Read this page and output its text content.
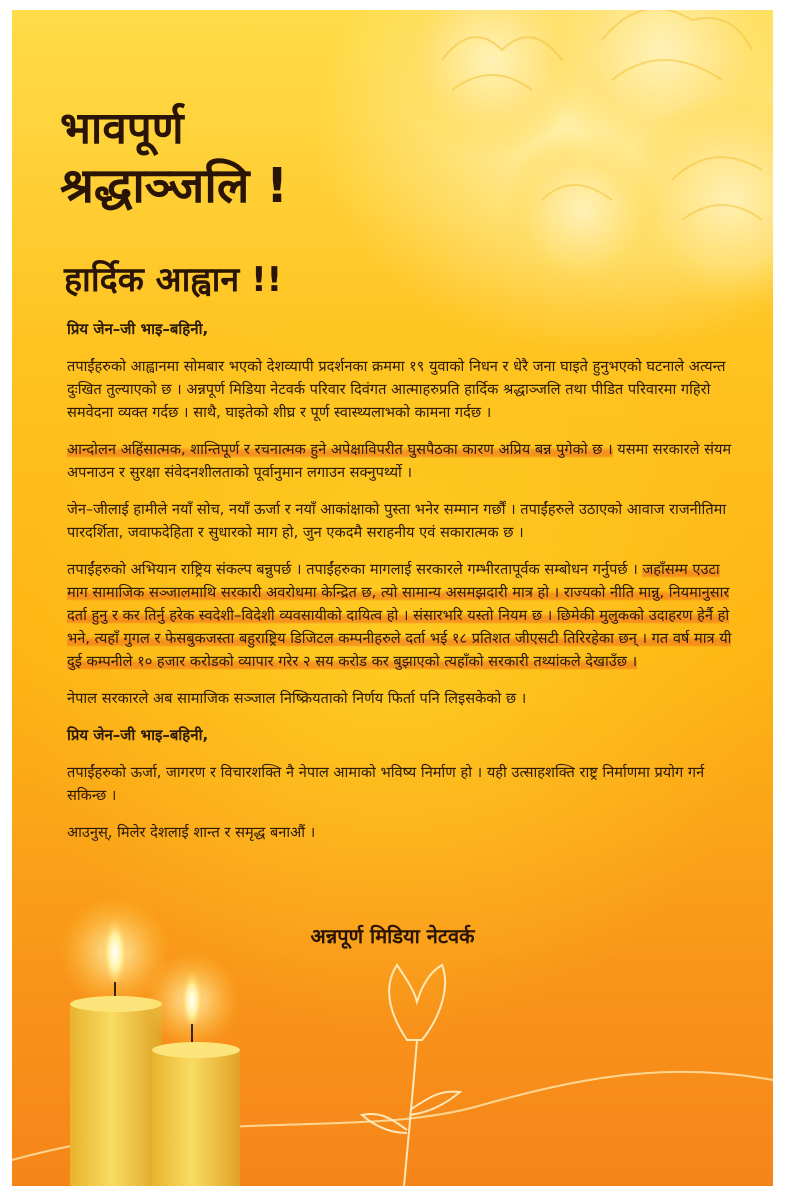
भावपूर्ण
श्रद्धाञ्जलि !
हार्दिक आह्वान !!

प्रिय जेन–जी भाइ–बहिनी,

तपाईंहरुको आह्वानमा सोमबार भएको देशव्यापी प्रदर्शनका क्रममा १९ युवाको निधन र धेरै जना घाइते हुनुभएको घटनाले अत्यन्त दुःखित तुल्याएको छ । अन्नपूर्ण मिडिया नेटवर्क परिवार दिवंगत आत्माहरुप्रति हार्दिक श्रद्धाञ्जलि तथा पीडित परिवारमा गहिरो समवेदना व्यक्त गर्दछ । साथै, घाइतेको शीघ्र र पूर्ण स्वास्थ्यलाभको कामना गर्दछ ।

आन्दोलन अहिंसात्मक, शान्तिपूर्ण र रचनात्मक हुने अपेक्षाविपरीत घुसपैठका कारण अप्रिय बन्न पुगेको छ । यसमा सरकारले संयम अपनाउन र सुरक्षा संवेदनशीलताको पूर्वानुमान लगाउन सक्नुपर्थ्यो ।

जेन–जीलाई हामीले नयाँ सोच, नयाँ ऊर्जा र नयाँ आकांक्षाको पुस्ता भनेर सम्मान गर्छौं । तपाईंहरुले उठाएको आवाज राजनीतिमा पारदर्शिता, जवाफदेहिता र सुधारको माग हो, जुन एकदमै सराहनीय एवं सकारात्मक छ ।

तपाईंहरुको अभियान राष्ट्रिय संकल्प बन्नुपर्छ । तपाईंहरुका मागलाई सरकारले गम्भीरतापूर्वक सम्बोधन गर्नुपर्छ । जहाँसम्म एउटा माग सामाजिक सञ्जालमाथि सरकारी अवरोधमा केन्द्रित छ, त्यो सामान्य असमझदारी मात्र हो । राज्यको नीति मान्नु, नियमानुसार दर्ता हुनु र कर तिर्नु हरेक स्वदेशी–विदेशी व्यवसायीको दायित्व हो । संसारभरि यस्तो नियम छ । छिमेकी मुलुकको उदाहरण हेर्नै हो भने, त्यहाँ गुगल र फेसबुकजस्ता बहुराष्ट्रिय डिजिटल कम्पनीहरुले दर्ता भई १८ प्रतिशत जीएसटी तिरिरहेका छन् । गत वर्ष मात्र यी दुई कम्पनीले १० हजार करोडको व्यापार गरेर २ सय करोड कर बुझाएको त्यहाँको सरकारी तथ्यांकले देखाउँछ ।

नेपाल सरकारले अब सामाजिक सञ्जाल निष्क्रियताको निर्णय फिर्ता पनि लिइसकेको छ ।

प्रिय जेन–जी भाइ–बहिनी,

तपाईंहरुको ऊर्जा, जागरण र विचारशक्ति नै नेपाल आमाको भविष्य निर्माण हो । यही उत्साहशक्ति राष्ट्र निर्माणमा प्रयोग गर्न सकिन्छ ।

आउनुस्, मिलेर देशलाई शान्त र समृद्ध बनाऔं ।

अन्नपूर्ण मिडिया नेटवर्क
